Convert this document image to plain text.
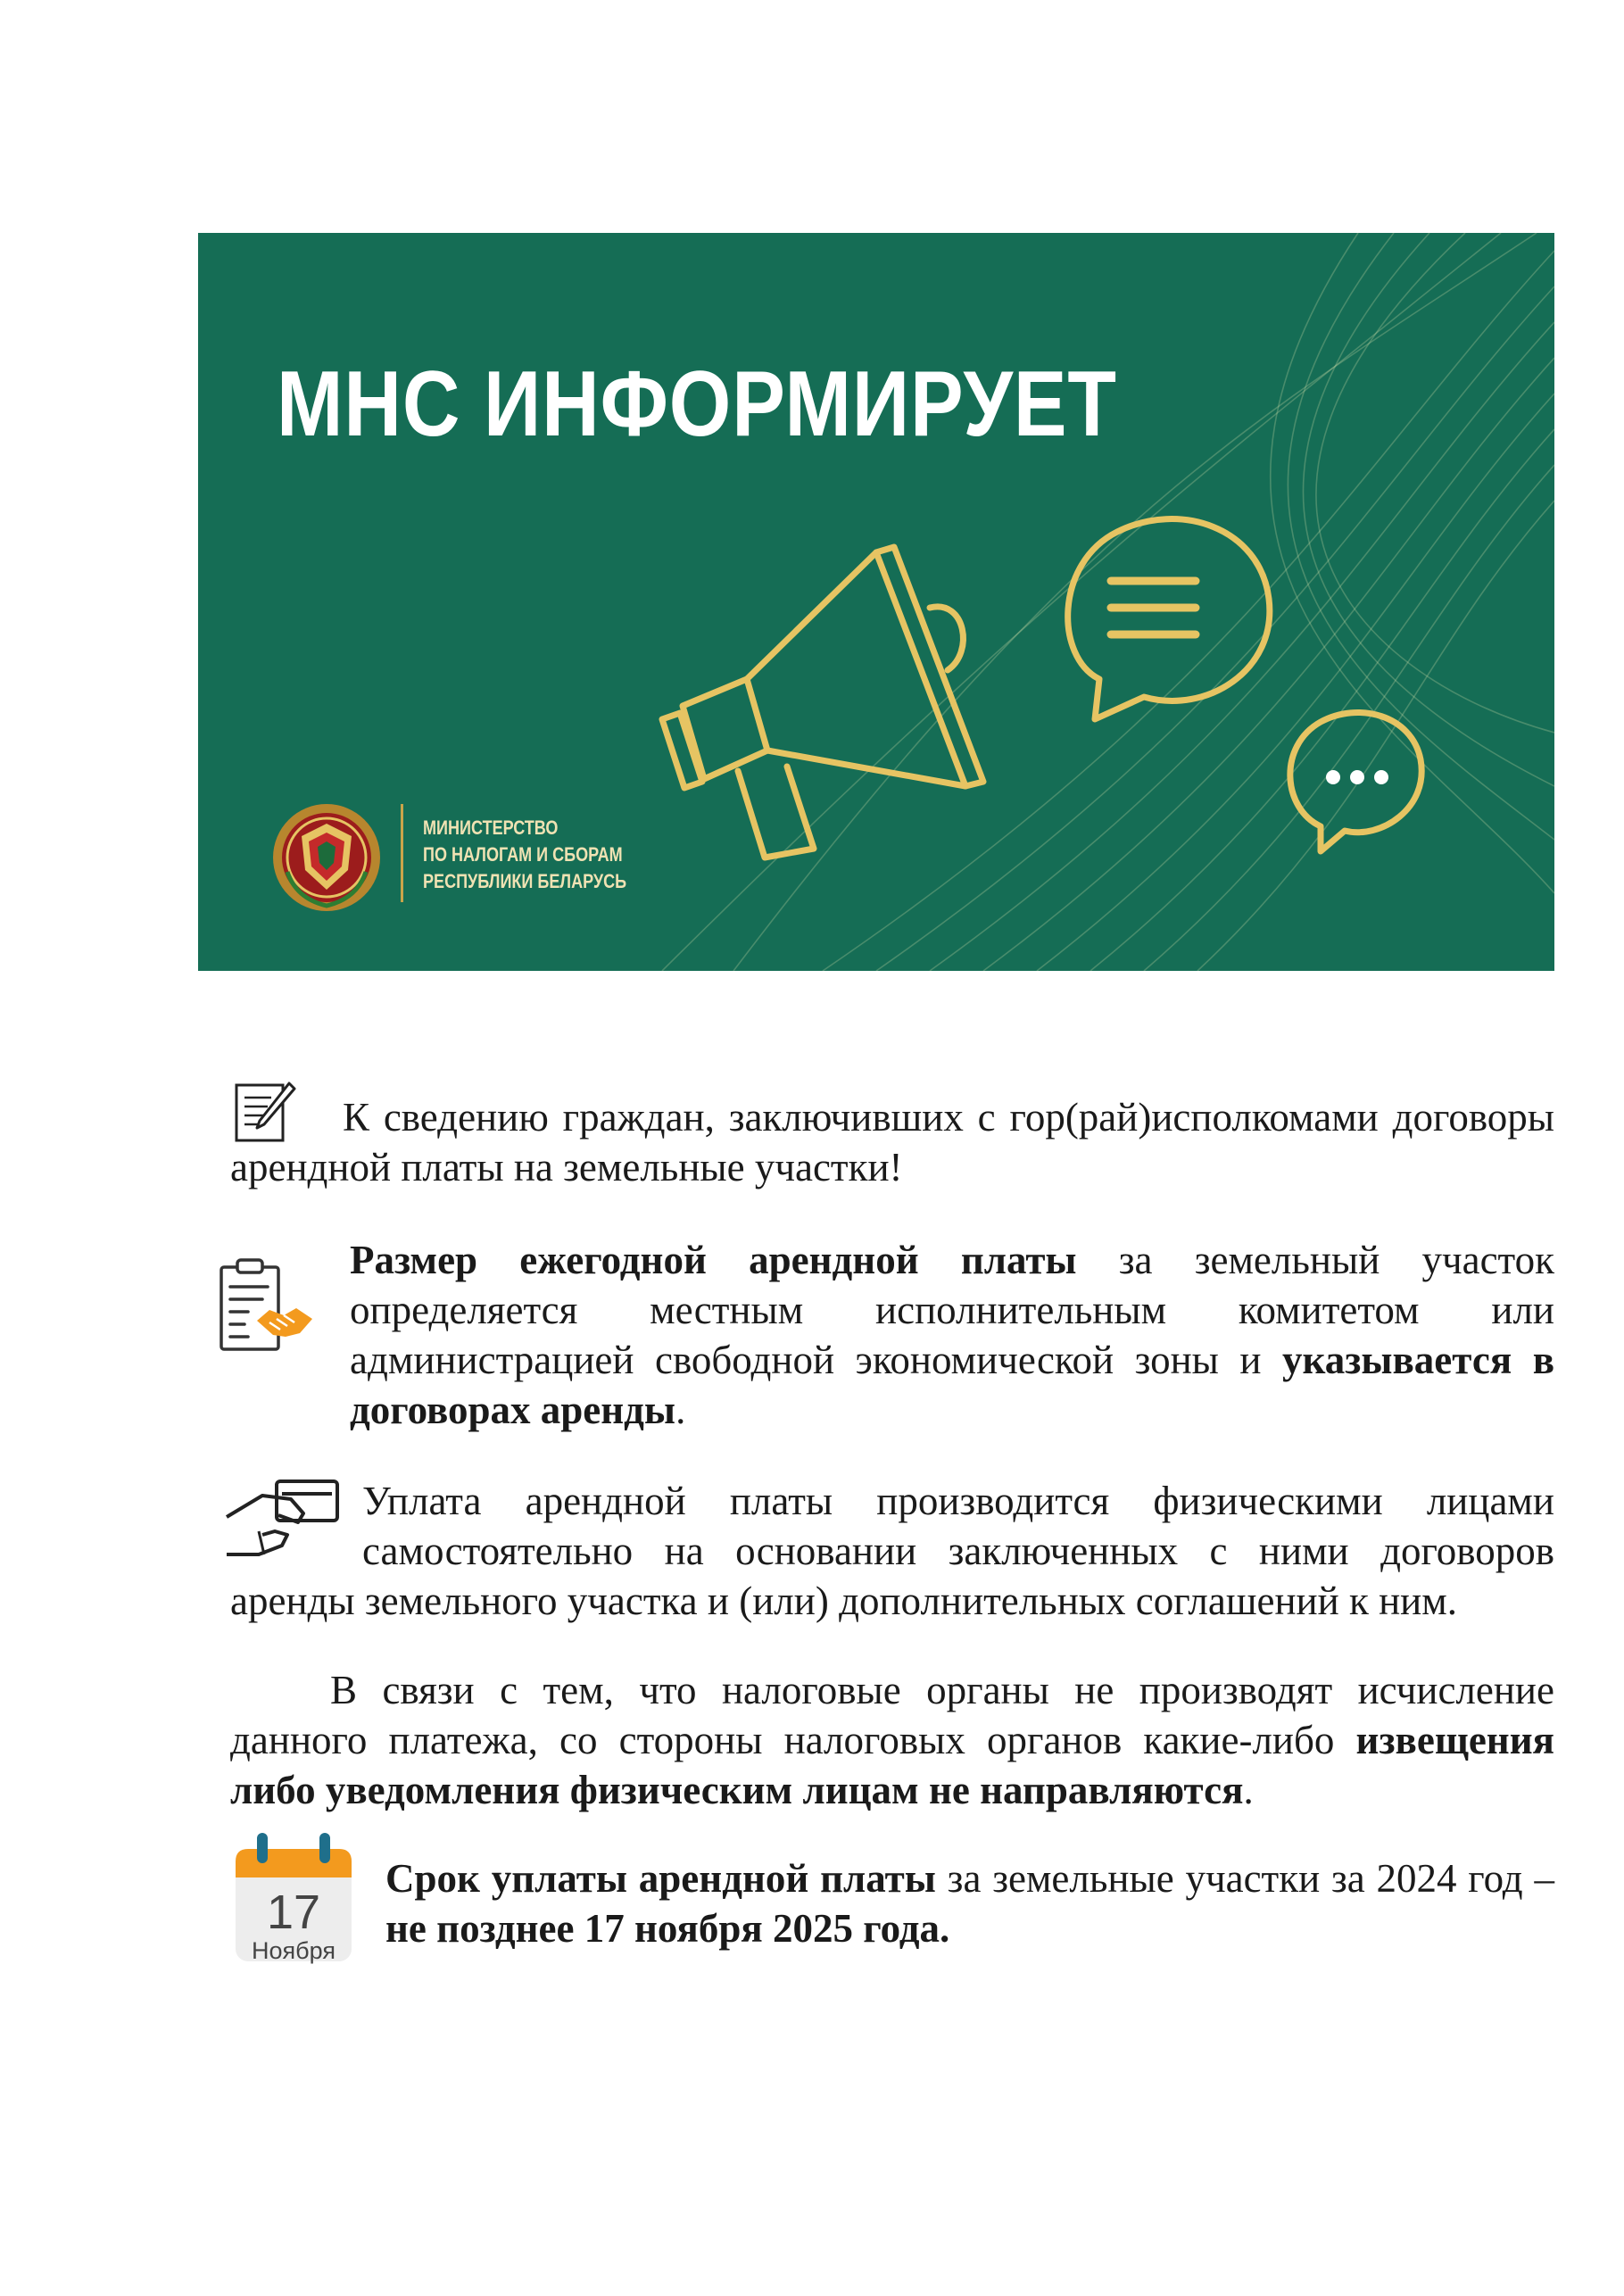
МНС ИНФОРМИРУЕТ
МИНИСТЕРСТВО
ПО НАЛОГАМ И СБОРАМ
РЕСПУБЛИКИ БЕЛАРУСЬ

К сведению граждан, заключивших с гор(рай)исполкомами договоры арендной платы на земельные участки!

Размер ежегодной арендной платы за земельный участок определяется местным исполнительным комитетом или администрацией свободной экономической зоны и указывается в договорах аренды.

Уплата арендной платы производится физическими лицами самостоятельно на основании заключенных с ними договоров аренды земельного участка и (или) дополнительных соглашений к ним.

В связи с тем, что налоговые органы не производят исчисление данного платежа, со стороны налоговых органов какие-либо извещения либо уведомления физическим лицам не направляются.

17
Ноября

Срок уплаты арендной платы за земельные участки за 2024 год – не позднее 17 ноября 2025 года.
